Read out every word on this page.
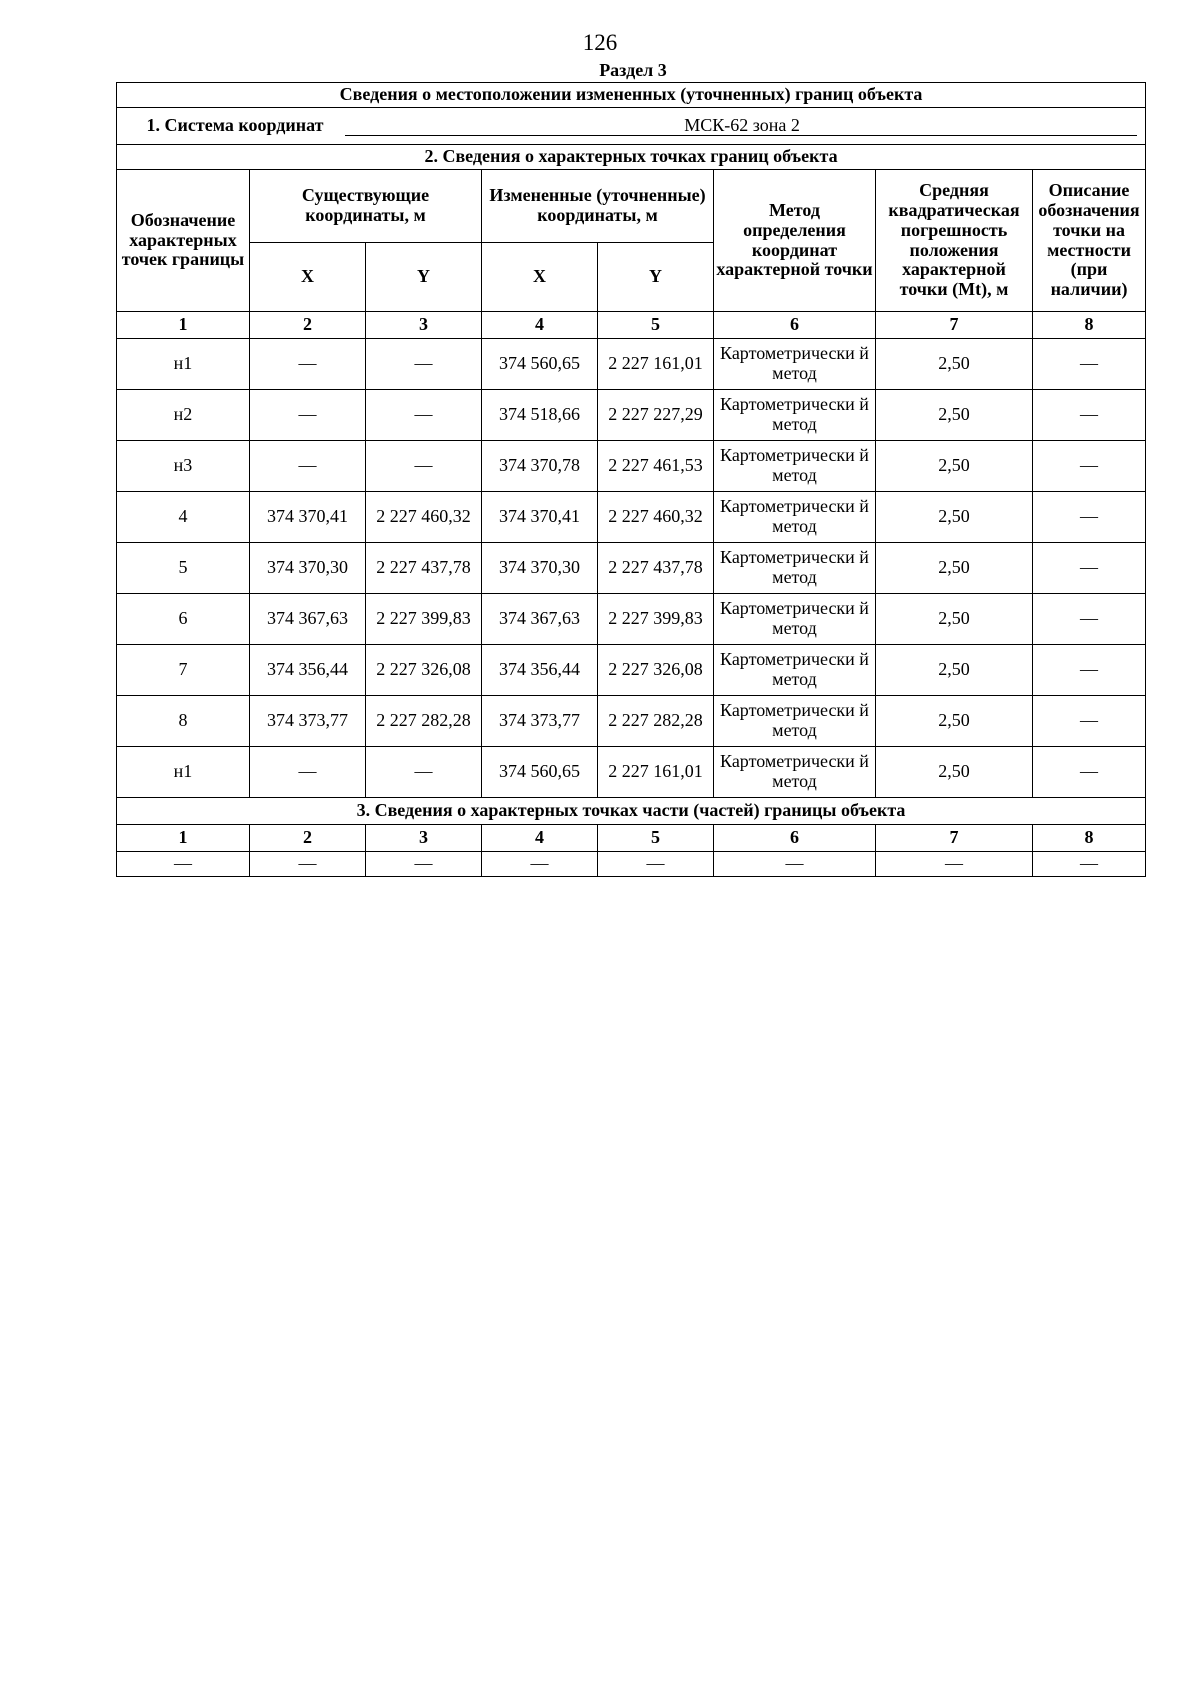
126
Раздел 3
Сведения о местоположении измененных (уточненных) границ объекта							
1. Система координат МСК-62 зона 2							
2. Сведения о характерных точках границ объекта							
Обозначение характерных точек границы	Существующие координаты, м		Измененные (уточненные) координаты, м		Метод определения координат характерной точки	Средняя квадратическая погрешность положения характерной точки (Mt), м	Описание обозначения точки на местности (при наличии)
	X	Y	X	Y			
1	2	3	4	5	6	7	8
н1	—	—	374 560,65	2 227 161,01	Картометрически й метод	2,50	—
н2	—	—	374 518,66	2 227 227,29	Картометрически й метод	2,50	—
н3	—	—	374 370,78	2 227 461,53	Картометрически й метод	2,50	—
4	374 370,41	2 227 460,32	374 370,41	2 227 460,32	Картометрически й метод	2,50	—
5	374 370,30	2 227 437,78	374 370,30	2 227 437,78	Картометрически й метод	2,50	—
6	374 367,63	2 227 399,83	374 367,63	2 227 399,83	Картометрически й метод	2,50	—
7	374 356,44	2 227 326,08	374 356,44	2 227 326,08	Картометрически й метод	2,50	—
8	374 373,77	2 227 282,28	374 373,77	2 227 282,28	Картометрически й метод	2,50	—
н1	—	—	374 560,65	2 227 161,01	Картометрически й метод	2,50	—
3. Сведения о характерных точках части (частей) границы объекта							
1	2	3	4	5	6	7	8
—	—	—	—	—	—	—	—
